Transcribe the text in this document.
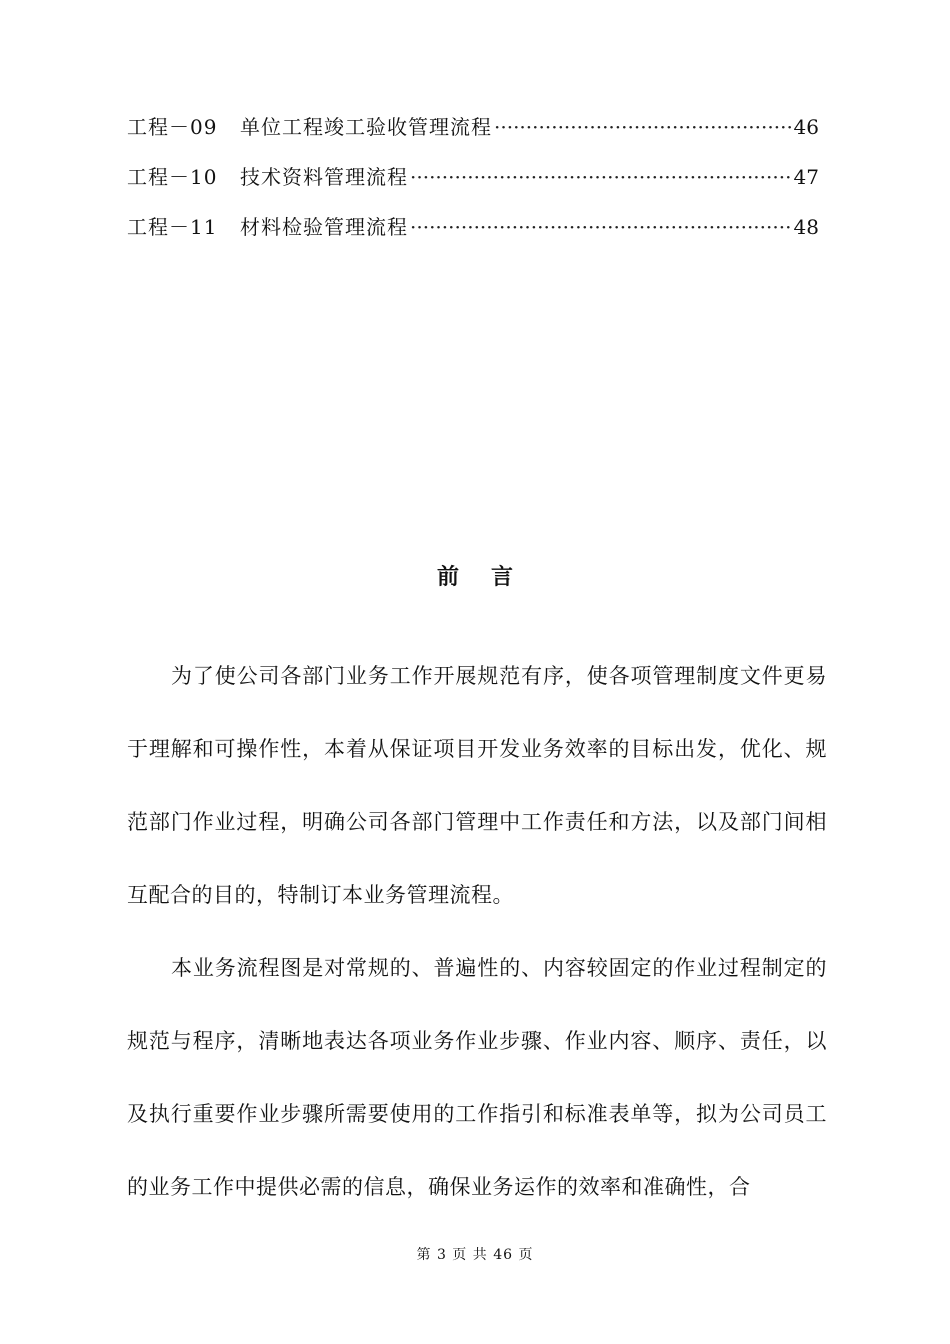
工程－09	单位工程竣工验收管理流程 ·····	46
工程－10	技术资料管理流程 ·····	47
工程－11	材料检验管理流程 ·····	48
前言

为了使公司各部门业务工作开展规范有序，使各项管理制度文件更易于理解和可操作性，本着从保证项目开发业务效率的目标出发，优化、规范部门作业过程，明确公司各部门管理中工作责任和方法，以及部门间相互配合的目的，特制订本业务管理流程。

本业务流程图是对常规的、普遍性的、内容较固定的作业过程制定的规范与程序，清晰地表达各项业务作业步骤、作业内容、顺序、责任，以及执行重要作业步骤所需要使用的工作指引和标准表单等，拟为公司员工的业务工作中提供必需的信息，确保业务运作的效率和准确性，合

第 3 页 共 46 页
